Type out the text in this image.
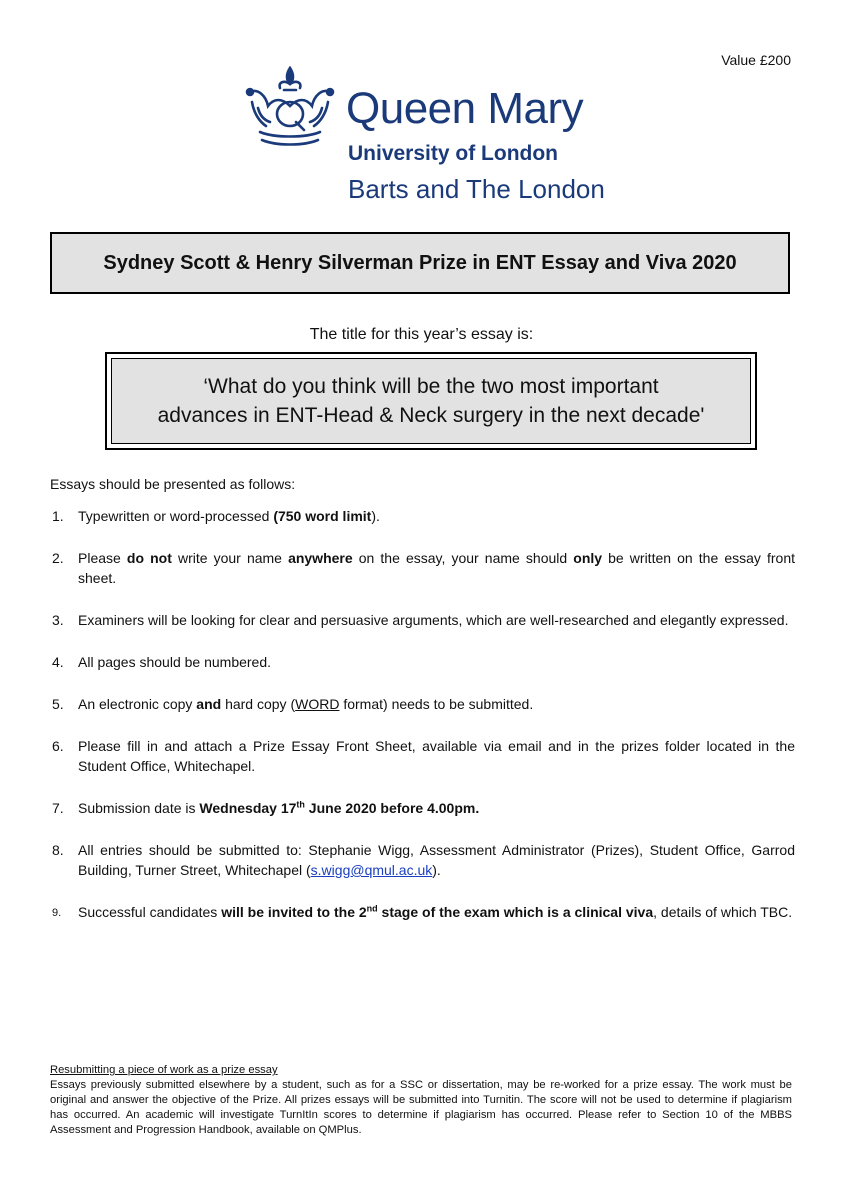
Value £200
Queen Mary
University of London
Barts and The London
Sydney Scott & Henry Silverman Prize in ENT Essay and Viva 2020
The title for this year’s essay is:
‘What do you think will be the two most important
advances in ENT-Head & Neck surgery in the next decade'
Essays should be presented as follows:
1. Typewritten or word-processed (750 word limit).
2. Please do not write your name anywhere on the essay, your name should only be written on the essay front sheet.
3. Examiners will be looking for clear and persuasive arguments, which are well-researched and elegantly expressed.
4. All pages should be numbered.
5. An electronic copy and hard copy (WORD format) needs to be submitted.
6. Please fill in and attach a Prize Essay Front Sheet, available via email and in the prizes folder located in the Student Office, Whitechapel.
7. Submission date is Wednesday 17th June 2020 before 4.00pm.
8. All entries should be submitted to: Stephanie Wigg, Assessment Administrator (Prizes), Student Office, Garrod Building, Turner Street, Whitechapel (s.wigg@qmul.ac.uk).
9. Successful candidates will be invited to the 2nd stage of the exam which is a clinical viva, details of which TBC.
Resubmitting a piece of work as a prize essay
Essays previously submitted elsewhere by a student, such as for a SSC or dissertation, may be re-worked for a prize essay. The work must be original and answer the objective of the Prize. All prizes essays will be submitted into Turnitin. The score will not be used to determine if plagiarism has occurred. An academic will investigate TurnItIn scores to determine if plagiarism has occurred. Please refer to Section 10 of the MBBS Assessment and Progression Handbook, available on QMPlus.
